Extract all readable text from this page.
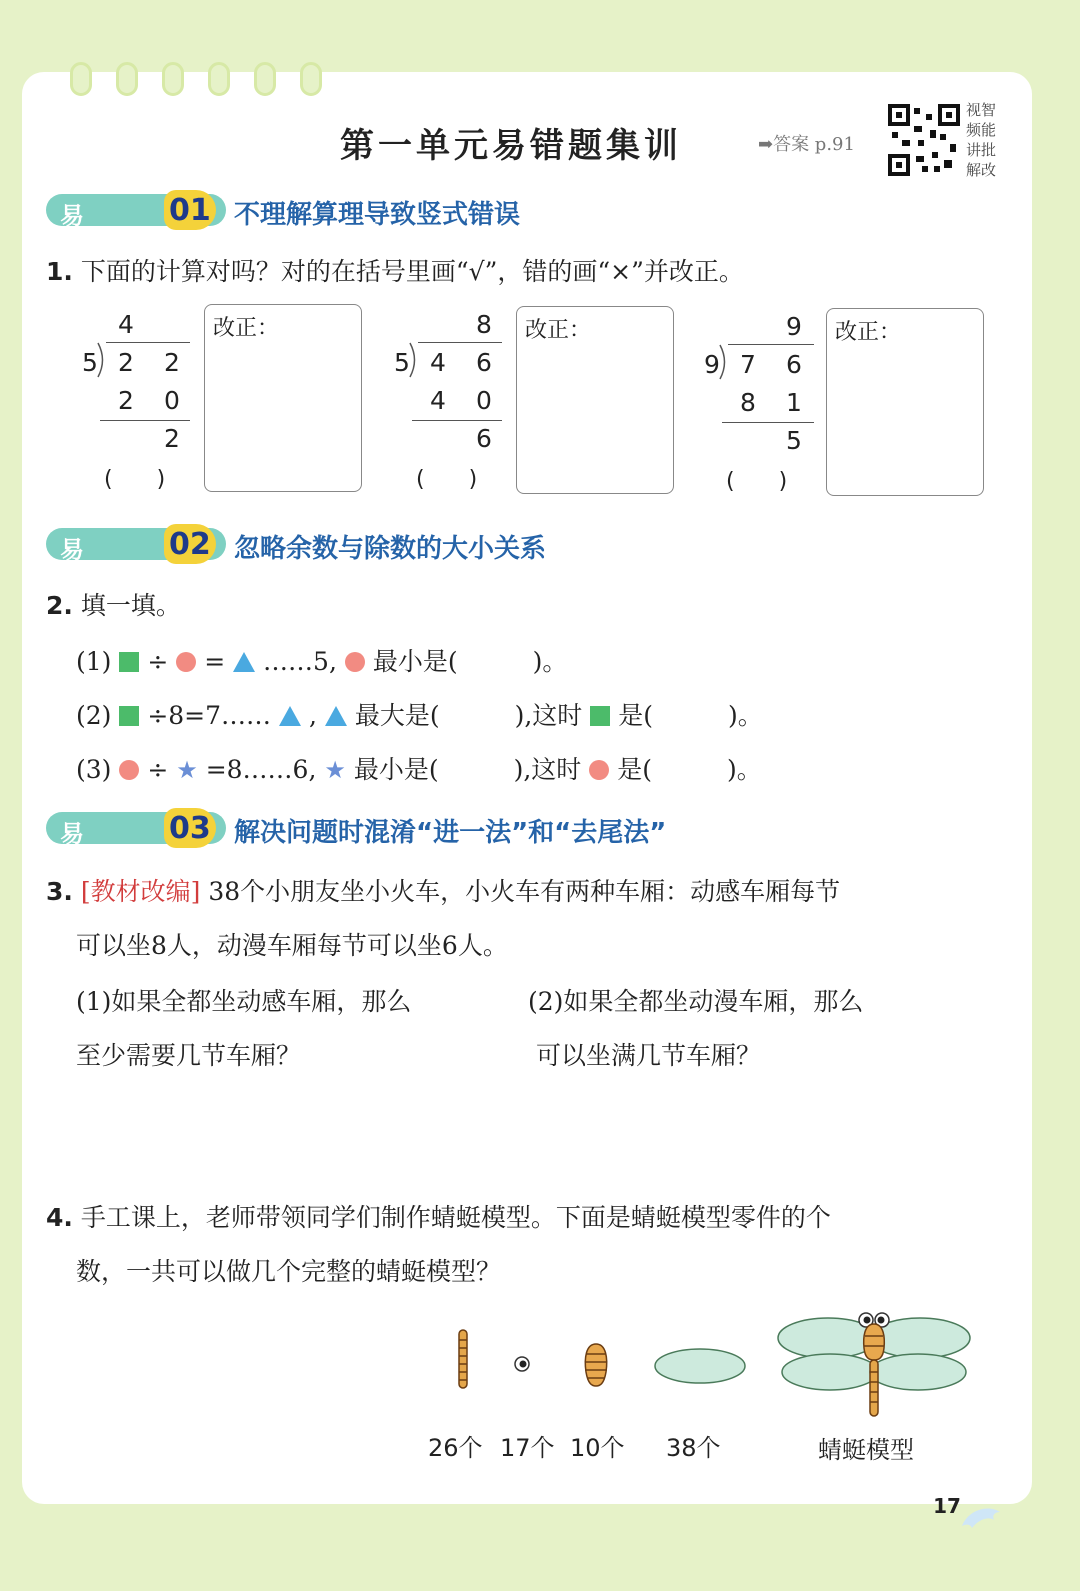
第一单元易错题集训	➡答案 p.91
视智频能讲批解改
易错点
01 不理解算理导致竖式错误
1. 下面的计算对吗？对的在括号里画“√”，错的画“×”并改正。
4
5 2 2
2 0
2
(　　)
改正：	8
5 4 6
4 0
6
(　　)
改正：	9
9 7 6
8 1
5
(　　)
改正：
易错点
02 忽略余数与除数的大小关系
2. 填一填。
(1) ÷ = ……5, 最小是(　　　)。
(2) ÷8=7…… , 最大是(　　　),这时 是(　　　)。
(3) ÷ ★ =8……6, ★ 最小是(　　　),这时 是(　　　)。
易错点
03 解决问题时混淆“进一法”和“去尾法”
3. [教材改编] 38个小朋友坐小火车，小火车有两种车厢：动感车厢每节
可以坐8人，动漫车厢每节可以坐6人。
(1)如果全都坐动感车厢，那么
至少需要几节车厢？
(2)如果全都坐动漫车厢，那么
可以坐满几节车厢？
4. 手工课上，老师带领同学们制作蜻蜓模型。下面是蜻蜓模型零件的个
数，一共可以做几个完整的蜻蜓模型？
26个 17个 10个 38个	蜻蜓模型
17
